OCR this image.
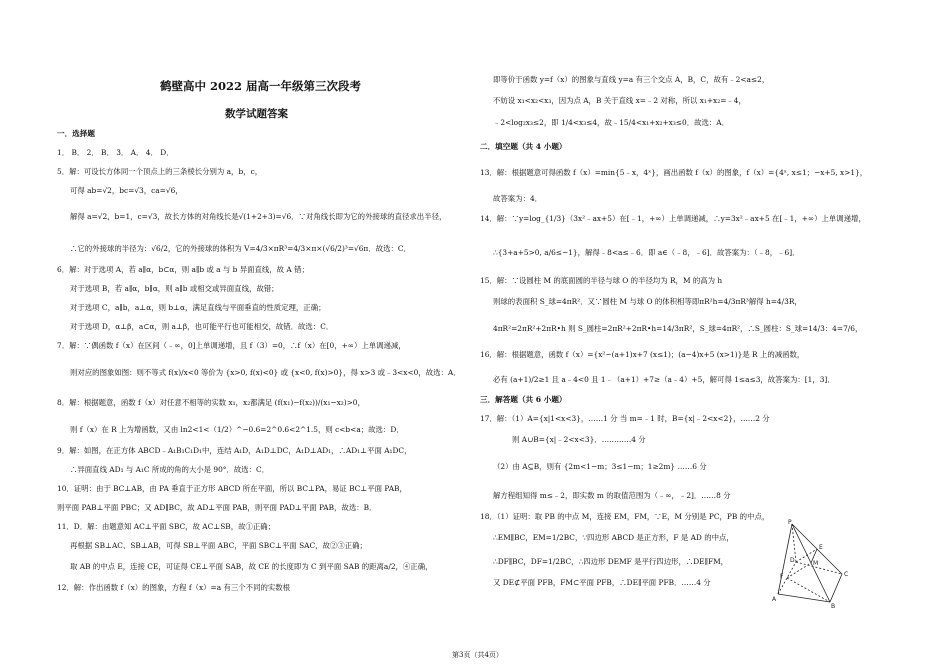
鹤壁高中 2022 届高一年级第三次段考
数学试题答案
一．选择题
1． B． 2． B． 3． A． 4． D．
5．解：可设长方体同一个顶点上的三条棱长分别为 a，b，c，
可得 ab=√2，bc=√3，ca=√6，
解得 a=√2，b=1，c=√3，故长方体的对角线长是√(1+2+3)=√6．∵对角线长即为它的外接球的直径求出半径，
∴它的外接球的半径为：√6/2，它的外接球的体积为 V=4/3×πR³=4/3×π×(√6/2)³=√6π．故选：C．
6．解：对于选项 A，若 a∥α，b⊂α，则 a∥b 或 a 与 b 异面直线，故 A 错；
对于选项 B，若 a∥α，b∥α，则 a∥b 或相交或异面直线，故错；
对于选项 C，a∥b，a⊥α，则 b⊥α，满足直线与平面垂直的性质定理，正确；
对于选项 D，α⊥β，a⊂α，则 a⊥β，也可能平行也可能相交，故错．故选：C．
7．解：∵偶函数 f（x）在区间（﹣∞，0]上单调递增，且 f（3）=0，∴f（x）在[0，+∞）上单调递减，
则对应的图象如图：则不等式 f(x)/x<0 等价为 {x>0, f(x)<0} 或 {x<0, f(x)>0}，得 x>3 或﹣3<x<0，故选：A．
8．解：根据题意，函数 f（x）对任意不相等的实数 x₁，x₂都满足 (f(x₁)−f(x₂))/(x₁−x₂)>0，
则 f（x）在 R 上为增函数，又由 ln2<1<（1/2）^−0.6=2^0.6<2^1.5，则 c<b<a；故选：D．
9．解：如图，在正方体 ABCD﹣A₁B₁C₁D₁中，连结 A₁D，A₁D⊥DC，A₁D⊥AD₁，∴AD₁⊥平面 A₁DC，
∴异面直线 AD₁ 与 A₁C 所成的角的大小是 90°．故选：C．
10．证明：由于 BC⊥AB，由 PA 垂直于正方形 ABCD 所在平面，所以 BC⊥PA，易证 BC⊥平面 PAB，
则平面 PAB⊥平面 PBC；又 AD∥BC，故 AD⊥平面 PAB，则平面 PAD⊥平面 PAB，故选：B．
11．D．解：由题意知 AC⊥平面 SBC，故 AC⊥SB，故①正确；
再根据 SB⊥AC、SB⊥AB，可得 SB⊥平面 ABC，平面 SBC⊥平面 SAC，故②③正确；
取 AB 的中点 E，连接 CE，可证得 CE⊥平面 SAB，故 CE 的长度即为 C 到平面 SAB 的距离a/2，④正确，
12．解：作出函数 f（x）的图象，方程 f（x）=a 有三个不同的实数根
即等价于函数 y=f（x）的图象与直线 y=a 有三个交点 A，B，C，故有﹣2<a≤2，
不妨设 x₁<x₂<x₃，因为点 A，B 关于直线 x=﹣2 对称，所以 x₁+x₂=﹣4，
﹣2<log₂x₃≤2，即 1/4<x₃≤4，故﹣15/4<x₁+x₂+x₃≤0．故选：A．
二．填空题（共 4 小题）
13．解：根据题意可得函数 f（x）=min{5﹣x，4ˣ}，画出函数 f（x）的图象，f（x）={4ˣ, x≤1；−x+5, x>1}，
故答案为：4．
14．解：∵y=log_{1/3}（3x²﹣ax+5）在[﹣1，+∞）上单调递减，∴y=3x²﹣ax+5 在[﹣1，+∞）上单调递增，
∴{3+a+5>0, a/6≤−1}，解得﹣8<a≤﹣6．即 a∈（﹣8，﹣6]．故答案为：（﹣8，﹣6]．
15．解：∵设圆柱 M 的底面圆的半径与球 O 的半径均为 R，M 的高为 h
则球的表面积 S_球=4πR²．又∵圆柱 M 与球 O 的体积相等即πR²h=4/3πR³解得 h=4/3R，
4πR²=2πR²+2πR•h 则 S_圆柱=2πR²+2πR•h=14/3πR²，S_球=4πR²，∴S_圆柱：S_球=14/3：4=7/6，
16．解：根据题意，函数 f（x）={x²−(a+1)x+7 (x≤1)；(a−4)x+5 (x>1)}是 R 上的减函数，
必有 (a+1)/2≥1 且 a﹣4<0 且 1﹣（a+1）+7≥（a﹣4）+5，解可得 1≤a≤3，故答案为：[1，3]．
三．解答题（共 6 小题）
17．解：（1）A={x|1<x<3}，……1 分 当 m=﹣1 时，B={x|﹣2<x<2}，……2 分
则 A∪B={x|﹣2<x<3}．…………4 分
（2）由 A⊆B，则有 {2m<1−m；3≤1−m；1≥2m} ……6 分
解方程组知得 m≤﹣2，即实数 m 的取值范围为（﹣∞，﹣2]．……8 分
18．（1）证明：取 PB 的中点 M，连接 EM，FM，∵E，M 分别是 PC，PB 的中点，
∴EM∥BC，EM=1/2BC，∵四边形 ABCD 是正方形，F 是 AD 的中点，
∴DF∥BC，DF=1/2BC，∴四边形 DEMF 是平行四边形，∴DE∥FM，
又 DE⊄平面 PFB，FM⊂平面 PFB，∴DE∥平面 PFB．……4 分
P
E
M
D
C
F
A
B
第3页（共4页）
